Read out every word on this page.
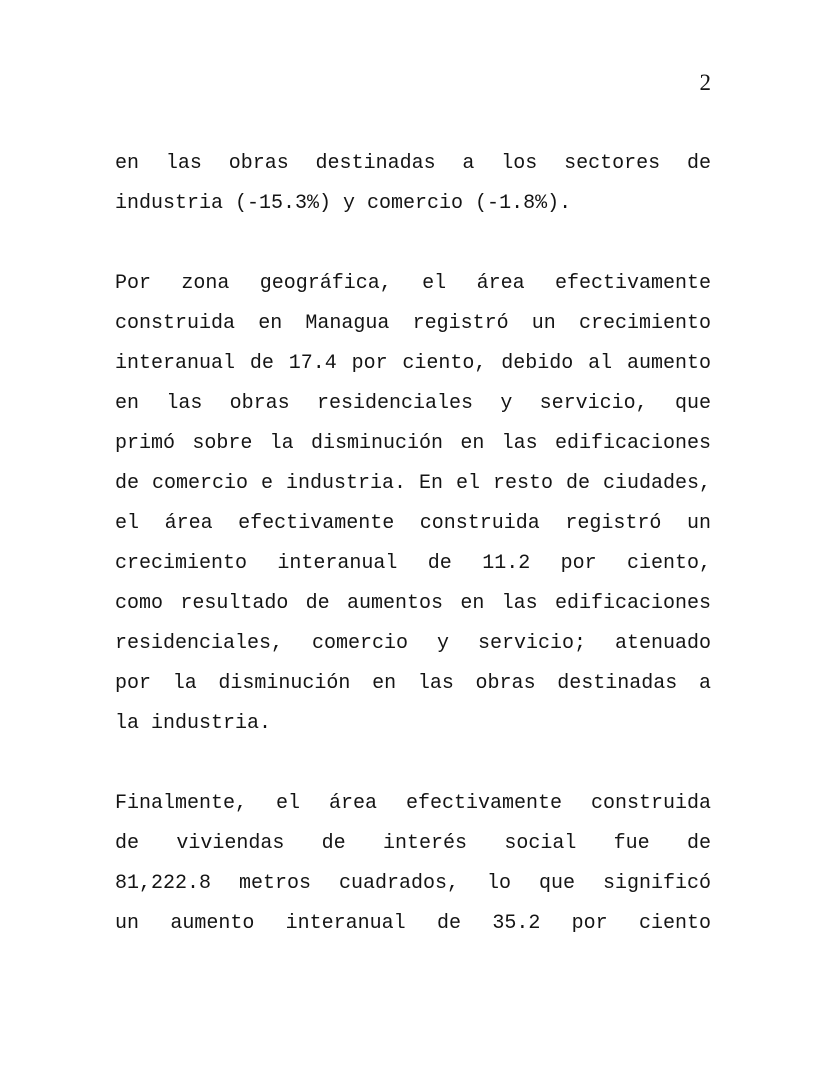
2
en las obras destinadas a los sectores de
industria (-15.3%) y comercio (-1.8%).
Por zona geográfica, el área efectivamente
construida en Managua registró un crecimiento
interanual de 17.4 por ciento, debido al aumento
en las obras residenciales y servicio, que
primó sobre la disminución en las edificaciones
de comercio e industria. En el resto de ciudades,
el área efectivamente construida registró un
crecimiento interanual de 11.2 por ciento,
como resultado de aumentos en las edificaciones
residenciales, comercio y servicio; atenuado
por la disminución en las obras destinadas a
la industria.
Finalmente, el área efectivamente construida
de viviendas de interés social fue de
81,222.8 metros cuadrados, lo que significó
un aumento interanual de 35.2 por ciento
